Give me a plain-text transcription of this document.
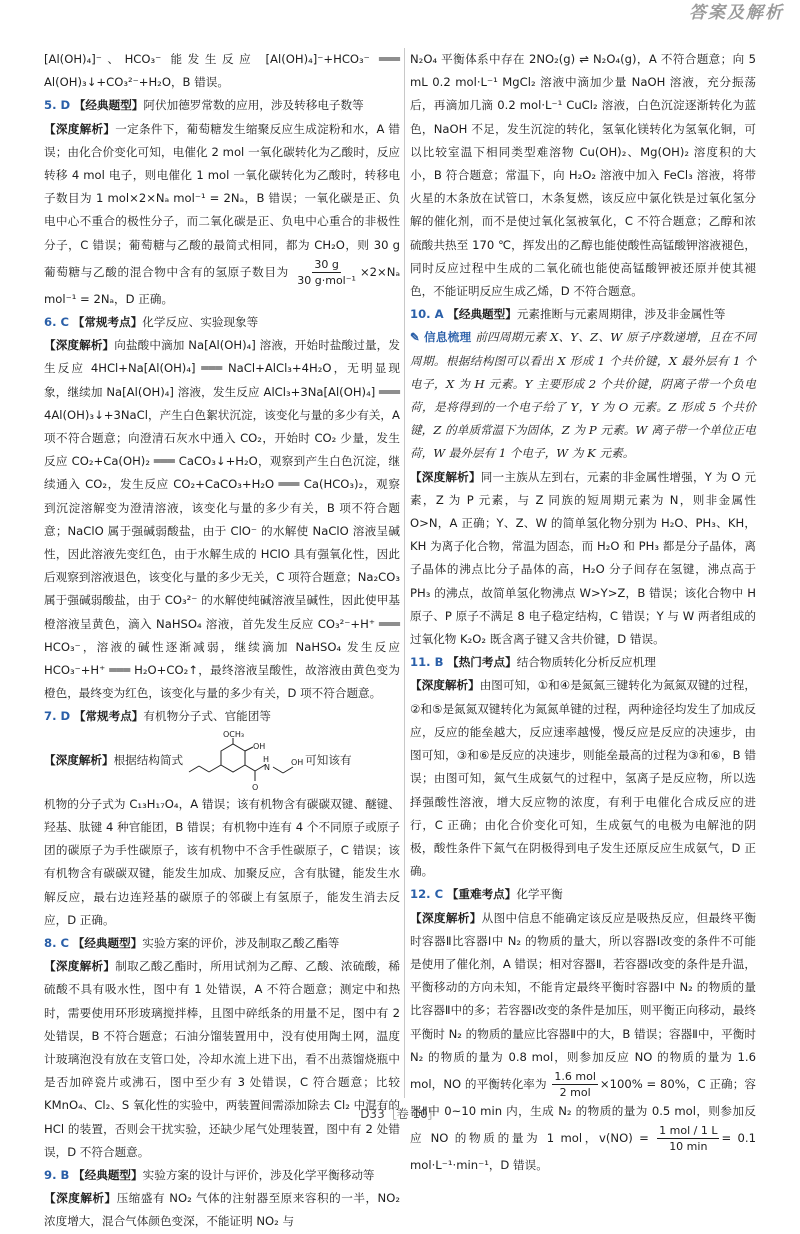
答案及解析

[Al(OH)₄]⁻、HCO₃⁻ 能发生反应 [Al(OH)₄]⁻+HCO₃⁻ ═══ Al(OH)₃↓+CO₃²⁻+H₂O，B 错误。

5. D 【经典题型】阿伏加德罗常数的应用，涉及转移电子数等

【深度解析】一定条件下，葡萄糖发生缩聚反应生成淀粉和水，A 错误；由化合价变化可知，电催化 2 mol 一氧化碳转化为乙酸时，反应转移 4 mol 电子，则电催化 1 mol 一氧化碳转化为乙酸时，转移电子数目为 1 mol×2×Nₐ mol⁻¹ = 2Nₐ，B 错误；一氧化碳是正、负电中心不重合的极性分子，而二氧化碳是正、负电中心重合的非极性分子，C 错误；葡萄糖与乙酸的最简式相同，都为 CH₂O，则 30 g 葡萄糖与乙酸的混合物中含有的氢原子数目为 $\frac{30 g}{\text{30 g·mol⁻¹}} \times 2\times N_a$ mol⁻¹ = 2Nₐ，D 正确。

6. C 【常规考点】化学反应、实验现象等

【深度解析】向盐酸中滴加 Na[Al(OH)₄] 溶液，开始时盐酸过量，发生反应 4HCl+Na[Al(OH)₄] ═══ NaCl+AlCl₃+4H₂O，无明显现象，继续加 Na[Al(OH)₄] 溶液，发生反应 AlCl₃+3Na[Al(OH)₄] ═══ 4Al(OH)₃↓+3NaCl，产生白色絮状沉淀，该变化与量的多少有关，A 项不符合题意；向澄清石灰水中通入 CO₂，开始时 CO₂ 少量，发生反应 CO₂+Ca(OH)₂ ═══ CaCO₃↓+H₂O，观察到产生白色沉淀，继续通入 CO₂，发生反应 CO₂+CaCO₃+H₂O ═══ Ca(HCO₃)₂，观察到沉淀溶解变为澄清溶液，该变化与量的多少有关，B 项不符合题意；NaClO 属于强碱弱酸盐，由于 ClO⁻ 的水解使 NaClO 溶液呈碱性，因此溶液先变红色，由于水解生成的 HClO 具有强氧化性，因此后观察到溶液退色，该变化与量的多少无关，C 项符合题意；Na₂CO₃ 属于强碱弱酸盐，由于 CO₃²⁻ 的水解使纯碱溶液呈碱性，因此使甲基橙溶液呈黄色，滴入 NaHSO₄ 溶液，首先发生反应 CO₃²⁻+H⁺ ═══ HCO₃⁻，溶液的碱性逐渐减弱，继续滴加 NaHSO₄ 发生反应 HCO₃⁻+H⁺ ═══ H₂O+CO₂↑，最终溶液呈酸性，故溶液由黄色变为橙色，最终变为红色，该变化与量的多少有关，D 项不符合题意。

7. D 【常规考点】有机物分子式、官能团等

【深度解析】 根据结构简式
OCH₃
OH
O
H
N
OH 可知该有

机物的分子式为 C₁₃H₁₇O₄，A 错误；该有机物含有碳碳双键、醚键、羟基、肽键 4 种官能团，B 错误；有机物中连有 4 个不同原子或原子团的碳原子为手性碳原子，该有机物中不含手性碳原子，C 错误；该有机物含有碳碳双键，能发生加成、加聚反应，含有肽键，能发生水解反应，最右边连羟基的碳原子的邻碳上有氢原子，能发生消去反应，D 正确。

8. C 【经典题型】实验方案的评价，涉及制取乙酸乙酯等

【深度解析】制取乙酸乙酯时，所用试剂为乙醇、乙酸、浓硫酸，稀硫酸不具有吸水性，图中有 1 处错误，A 不符合题意；测定中和热时，需要使用环形玻璃搅拌棒，且图中碎纸条的用量不足，图中有 2 处错误，B 不符合题意；石油分馏装置用中，没有使用陶土网，温度计玻璃泡没有放在支管口处，冷却水流上进下出，看不出蒸馏烧瓶中是否加碎瓷片或沸石，图中至少有 3 处错误，C 符合题意；比较 KMnO₄、Cl₂、S 氧化性的实验中，两装置间需添加除去 Cl₂ 中混有的 HCl 的装置，否则会干扰实验，还缺少尾气处理装置，图中有 2 处错误，D 不符合题意。

9. B 【经典题型】实验方案的设计与评价，涉及化学平衡移动等

【深度解析】压缩盛有 NO₂ 气体的注射器至原来容积的一半，NO₂ 浓度增大，混合气体颜色变深，不能证明 NO₂ 与

N₂O₄ 平衡体系中存在 2NO₂(g) ⇌ N₂O₄(g)，A 不符合题意；向 5 mL 0.2 mol·L⁻¹ MgCl₂ 溶液中滴加少量 NaOH 溶液，充分振荡后，再滴加几滴 0.2 mol·L⁻¹ CuCl₂ 溶液，白色沉淀逐渐转化为蓝色，NaOH 不足，发生沉淀的转化，氢氧化镁转化为氢氧化铜，可以比较室温下相同类型难溶物 Cu(OH)₂、Mg(OH)₂ 溶度积的大小，B 符合题意；常温下，向 H₂O₂ 溶液中加入 FeCl₃ 溶液，将带火星的木条放在试管口，木条复燃，该反应中氯化铁是过氧化氢分解的催化剂，而不是使过氧化氢被氧化，C 不符合题意；乙醇和浓硫酸共热至 170 ℃，挥发出的乙醇也能使酸性高锰酸钾溶液褪色，同时反应过程中生成的二氧化硫也能使高锰酸钾被还原并使其褪色，不能证明反应生成乙烯，D 不符合题意。

10. A 【经典题型】元素推断与元素周期律，涉及非金属性等

✎ 信息梳理 前四周期元素 X、Y、Z、W 原子序数递增，且在不同周期。根据结构图可以看出 X 形成 1 个共价键，X 最外层有 1 个电子，X 为 H 元素。Y 主要形成 2 个共价键，阴离子带一个负电荷，是将得到的一个电子给了 Y，Y 为 O 元素。Z 形成 5 个共价键，Z 的单质常温下为固体，Z 为 P 元素。W 离子带一个单位正电荷，W 最外层有 1 个电子，W 为 K 元素。

【深度解析】同一主族从左到右，元素的非金属性增强，Y 为 O 元素，Z 为 P 元素，与 Z 同族的短周期元素为 N，则非金属性 O>N，A 正确；Y、Z、W 的简单氢化物分别为 H₂O、PH₃、KH，KH 为离子化合物，常温为固态，而 H₂O 和 PH₃ 都是分子晶体，离子晶体的沸点比分子晶体的高，H₂O 分子间存在氢键，沸点高于 PH₃ 的沸点，故简单氢化物沸点 W>Y>Z，B 错误；该化合物中 H 原子、P 原子不满足 8 电子稳定结构，C 错误；Y 与 W 两者组成的过氧化物 K₂O₂ 既含离子键又含共价键，D 错误。

11. B 【热门考点】结合物质转化分析反应机理

【深度解析】由图可知，①和④是氮氮三键转化为氮氮双键的过程，②和⑤是氮氮双键转化为氮氮单键的过程，两种途径均发生了加成反应，反应的能垒越大，反应速率越慢，慢反应是反应的决速步，由图可知，③和⑥是反应的决速步，则能垒最高的过程为③和⑥，B 错误；由图可知，氮气生成氨气的过程中，氢离子是反应物，所以选择强酸性溶液，增大反应物的浓度，有利于电催化合成反应的进行，C 正确；由化合价变化可知，生成氨气的电极为电解池的阴极，酸性条件下氮气在阴极得到电子发生还原反应生成氨气，D 正确。

12. C 【重难考点】化学平衡

【深度解析】从图中信息不能确定该反应是吸热反应，但最终平衡时容器Ⅱ比容器Ⅰ中 N₂ 的物质的量大，所以容器Ⅰ改变的条件不可能是使用了催化剂，A 错误；相对容器Ⅱ，若容器Ⅰ改变的条件是升温，平衡移动的方向未知，不能肯定最终平衡时容器Ⅰ中 N₂ 的物质的量比容器Ⅱ中的多；若容器Ⅰ改变的条件是加压，则平衡正向移动，最终平衡时 N₂ 的物质的量应比容器Ⅱ中的大，B 错误；容器Ⅱ中，平衡时 N₂ 的物质的量为 0.8 mol，则参加反应 NO 的物质的量为 1.6 mol，NO 的平衡转化率为 $\frac{\text{1.6 mol}}{\text{2 mol}} \times 100\% = 80\%$，C 正确；容器Ⅱ中 0~10 min 内，生成 N₂ 的物质的量为 0.5 mol，则参加反应 NO 的物质的量为 1 mol，$v(NO) = \frac{\text{1 mol / 1 L}}{10 \min} = 0.1$ mol·L⁻¹·min⁻¹，D 错误。

D33［卷 10］
